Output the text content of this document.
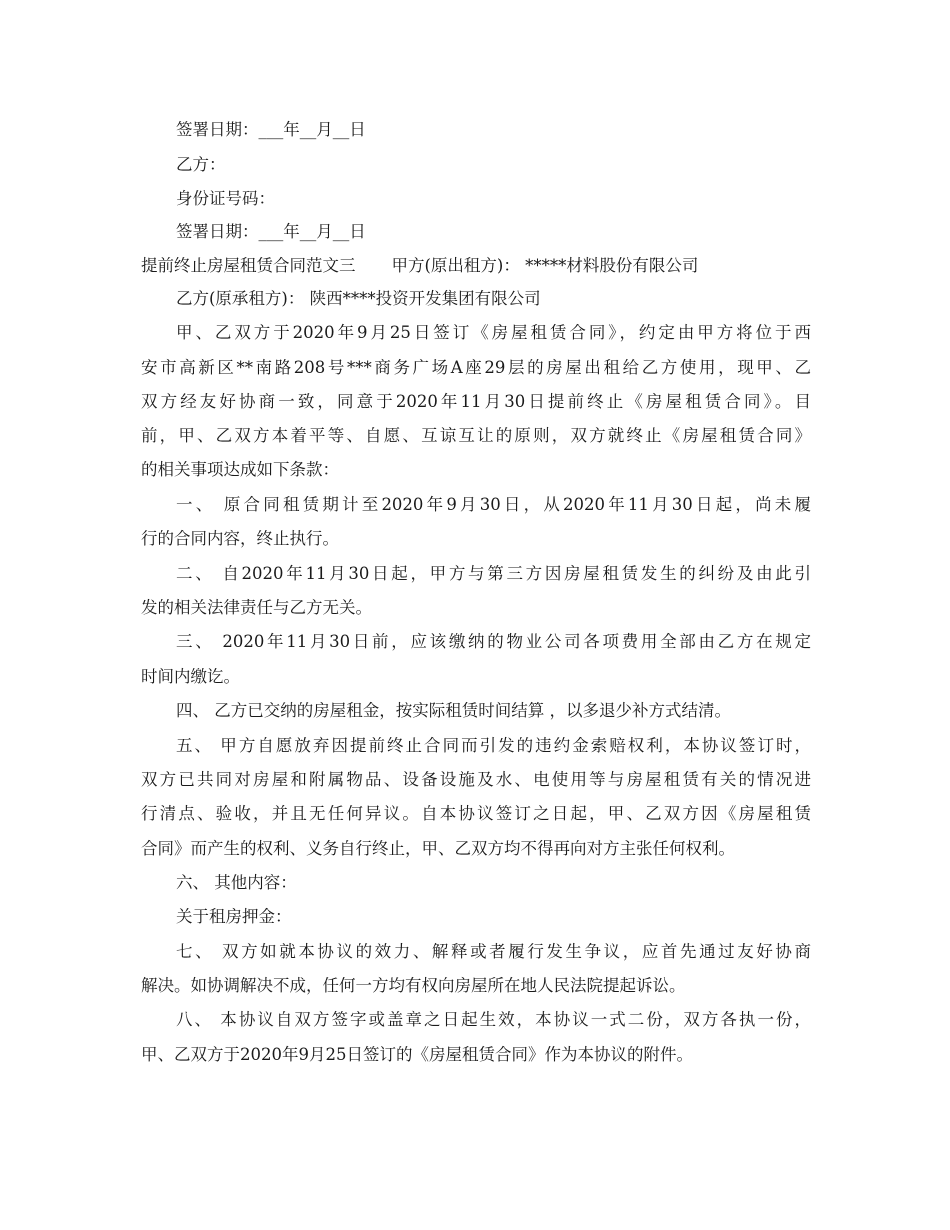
签署日期：___年__月__日
乙方：
身份证号码：
签署日期：___年__月__日
提前终止房屋租赁合同范文三 甲方(原出租方)： *****材料股份有限公司
乙方(原承租方)： 陕西****投资开发集团有限公司
甲、乙双方于2020年9月25日签订《房屋租赁合同》，约定由甲方将位于西
安市高新区**南路208号***商务广场A座29层的房屋出租给乙方使用，现甲、乙
双方经友好协商一致，同意于2020年11月30日提前终止《房屋租赁合同》。目
前，甲、乙双方本着平等、自愿、互谅互让的原则，双方就终止《房屋租赁合同》
的相关事项达成如下条款：
一、 原合同租赁期计至2020年9月30日，从2020年11月30日起，尚未履
行的合同内容，终止执行。
二、 自2020年11月30日起，甲方与第三方因房屋租赁发生的纠纷及由此引
发的相关法律责任与乙方无关。
三、 2020年11月30日前，应该缴纳的物业公司各项费用全部由乙方在规定
时间内缴讫。
四、 乙方已交纳的房屋租金，按实际租赁时间结算 ，以多退少补方式结清。
五、 甲方自愿放弃因提前终止合同而引发的违约金索赔权利，本协议签订时，
双方已共同对房屋和附属物品、设备设施及水、电使用等与房屋租赁有关的情况进
行清点、验收，并且无任何异议。自本协议签订之日起，甲、乙双方因《房屋租赁
合同》而产生的权利、义务自行终止，甲、乙双方均不得再向对方主张任何权利。
六、 其他内容：
关于租房押金：
七、 双方如就本协议的效力、解释或者履行发生争议，应首先通过友好协商
解决。如协调解决不成，任何一方均有权向房屋所在地人民法院提起诉讼。
八、 本协议自双方签字或盖章之日起生效，本协议一式二份，双方各执一份，
甲、乙双方于2020年9月25日签订的《房屋租赁合同》作为本协议的附件。
